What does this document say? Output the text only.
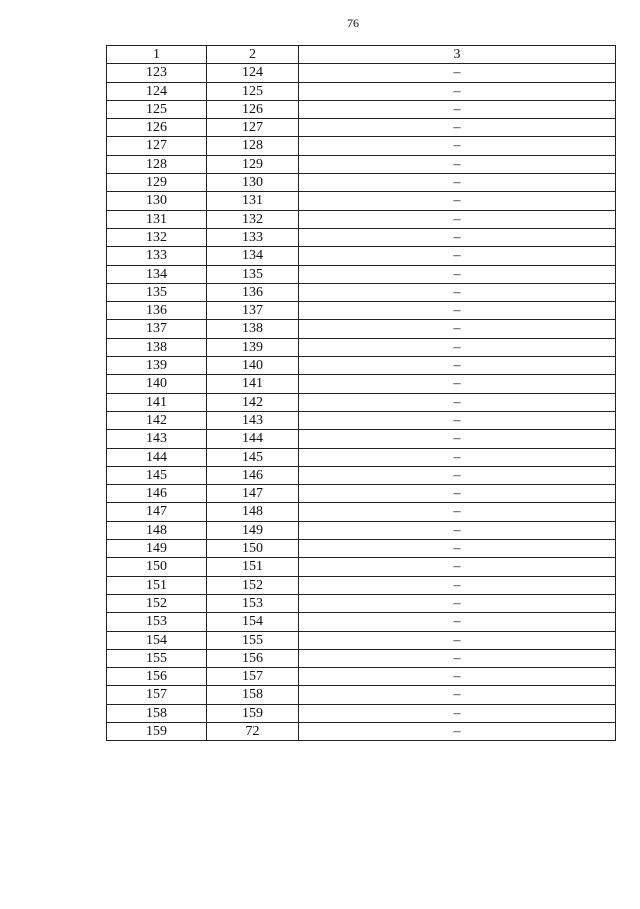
76
1	2	3
123	124	–
124	125	–
125	126	–
126	127	–
127	128	–
128	129	–
129	130	–
130	131	–
131	132	–
132	133	–
133	134	–
134	135	–
135	136	–
136	137	–
137	138	–
138	139	–
139	140	–
140	141	–
141	142	–
142	143	–
143	144	–
144	145	–
145	146	–
146	147	–
147	148	–
148	149	–
149	150	–
150	151	–
151	152	–
152	153	–
153	154	–
154	155	–
155	156	–
156	157	–
157	158	–
158	159	–
159	72	–
